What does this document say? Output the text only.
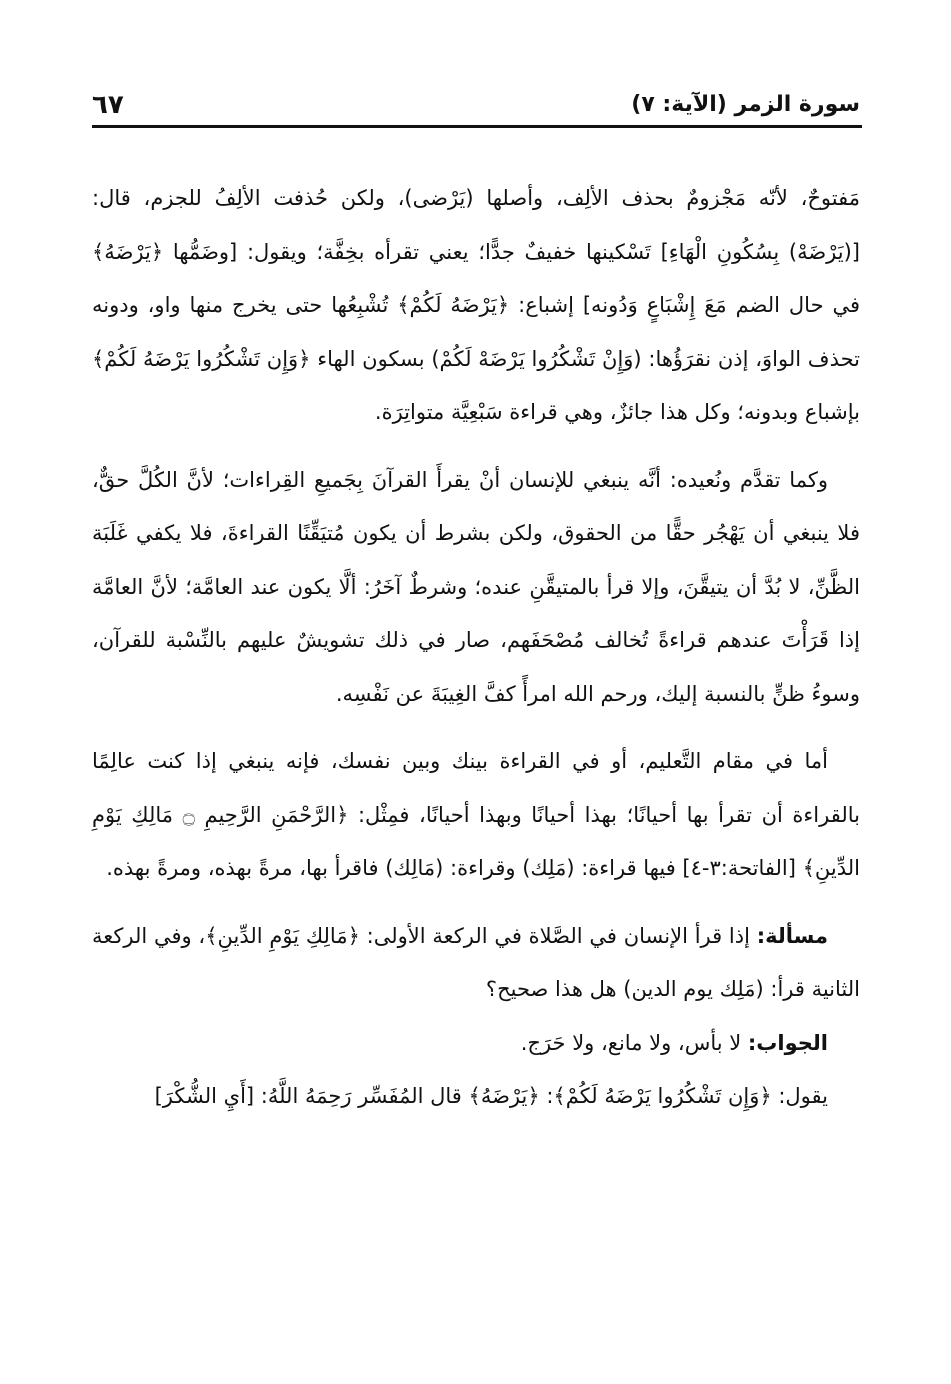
سورة الزمر (الآية: ٧)
٦٧

مَفتوحٌ، لأنّه مَجْزومٌ بحذف الألِف، وأصلها (يَرْضى)، ولكن حُذفت الألِفُ للجزم، قال: [(يَرْضَهْ) بِسُكُونِ الْهَاءِ] تَسْكينها خفيفٌ جدًّا؛ يعني تقرأه بخِفَّة؛ ويقول: [وضَمُّها ﴿يَرْضَهُ﴾ في حال الضم مَعَ إِشْبَاعٍ وَدُونه] إشباع: ﴿يَرْضَهُ لَكُمْ﴾ تُشْبِعُها حتى يخرج منها واو، ودونه تحذف الواوَ، إذن نقرَؤُها: (وَإِنْ تَشْكُرُوا يَرْضَهْ لَكُمْ) بسكون الهاء ﴿وَإِن تَشْكُرُوا يَرْضَهُ لَكُمْ﴾ بإشباع وبدونه؛ وكل هذا جائزٌ، وهي قراءة سَبْعِيَّة متواتِرَة.

وكما تقدَّم ونُعيده: أنَّه ينبغي للإنسان أنْ يقرأَ القرآنَ بِجَميعِ القِراءات؛ لأنَّ الكُلَّ حقٌّ، فلا ينبغي أن يَهْجُر حقًّا من الحقوق، ولكن بشرط أن يكون مُتيَقِّنًا القراءةَ، فلا يكفي غَلَبَة الظَّنِّ، لا بُدَّ أن يتيقَّنَ، وإلا قرأ بالمتيقَّنِ عنده؛ وشرطٌ آخَرُ: ألَّا يكون عند العامَّة؛ لأنَّ العامَّة إذا قَرَأْتَ عندهم قراءةً تُخالف مُصْحَفَهم، صار في ذلك تشويشٌ عليهم بالنِّسْبة للقرآن، وسوءُ ظنٍّ بالنسبة إليك، ورحم الله امرأً كفَّ الغِيبَةَ عن نَفْسِه.

أما في مقام التَّعليم، أو في القراءة بينك وبين نفسك، فإنه ينبغي إذا كنت عالِمًا بالقراءة أن تقرأ بها أحيانًا؛ بهذا أحيانًا وبهذا أحيانًا، فمِثْل: ﴿الرَّحْمَنِ الرَّحِيمِ ۝ مَالِكِ يَوْمِ الدِّينِ﴾ [الفاتحة:٣-٤] فيها قراءة: (مَلِك) وقراءة: (مَالِك) فاقرأ بها، مرةً بهذه، ومرةً بهذه.

مسألة: إذا قرأ الإنسان في الصَّلاة في الركعة الأولى: ﴿مَالِكِ يَوْمِ الدِّينِ﴾، وفي الركعة الثانية قرأ: (مَلِك يوم الدين) هل هذا صحيح؟

الجواب: لا بأس، ولا مانع، ولا حَرَج.

يقول: ﴿وَإِن تَشْكُرُوا يَرْضَهُ لَكُمْ﴾: ﴿يَرْضَهُ﴾ قال المُفَسِّر رَحِمَهُ اللَّهُ: [أَيِ الشُّكْرَ]
